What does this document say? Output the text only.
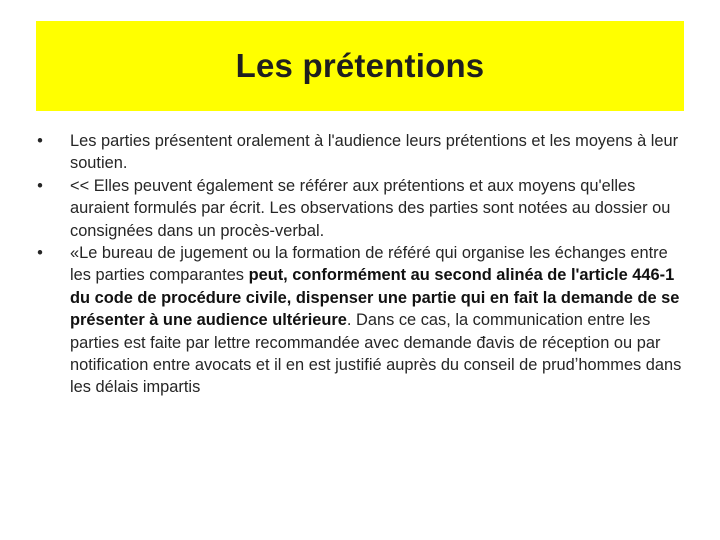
Les prétentions
•	Les parties présentent oralement à l'audience leurs prétentions et les moyens à leur soutien.
•	<< Elles peuvent également se référer aux prétentions et aux moyens qu'elles auraient formulés par écrit. Les observations des parties sont notées au dossier ou consignées dans un procès-verbal.
•	«Le bureau de jugement ou la formation de référé qui organise les échanges entre les parties comparantes peut, conformément au second alinéa de l'article 446-1 du code de procédure civile, dispenser une partie qui en fait la demande de se présenter à une audience ultérieure. Dans ce cas, la communication entre les parties est faite par lettre recommandée avec demande đavis de réception ou par notification entre avocats et il en est justifié auprès du conseil de prudʼhommes dans les délais impartis
